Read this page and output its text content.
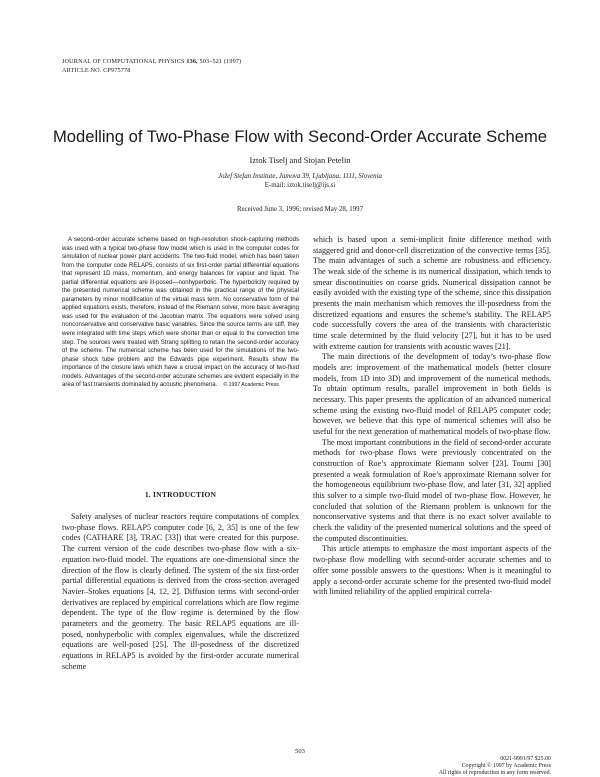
JOURNAL OF COMPUTATIONAL PHYSICS 136, 503–521 (1997)
ARTICLE NO. CP975778
Modelling of Two-Phase Flow with Second-Order Accurate Scheme
Iztok Tiselj and Stojan Petelin
Jožef Stefan Institute, Jamova 39, Ljubljana, 1111, Slovenia
E-mail: iztok.tiselj@ijs.si
Received June 3, 1996; revised May 28, 1997
A second-order accurate scheme based on high-resolution shock-capturing methods was used with a typical two-phase flow model which is used in the computer codes for simulation of nuclear power plant accidents. The two-fluid model, which has been taken from the computer code RELAP5, consists of six first-order partial differential equations that represent 1D mass, momentum, and energy balances for vapour and liquid. The partial differential equations are ill-posed—nonhyperbolic. The hyperbolicity required by the presented numerical scheme was obtained in the practical range of the physical parameters by minor modification of the virtual mass term. No conservative form of the applied equations exists, therefore, instead of the Riemann solver, more basic averaging was used for the evaluation of the Jacobian matrix. The equations were solved using nonconservative and conservative basic variables. Since the source terms are stiff, they were integrated with time steps which were shorter than or equal to the convection time step. The sources were treated with Strang splitting to retain the second-order accuracy of the scheme. The numerical scheme has been used for the simulations of the two-phase shock tube problem and the Edwards pipe experiment. Results show the importance of the closure laws which have a crucial impact on the accuracy of two-fluid models. Advantages of the second-order accurate schemes are evident especially in the area of fast transients dominated by acoustic phenomena. © 1997 Academic Press
1. INTRODUCTION

Safety analyses of nuclear reactors require computations of complex two-phase flows. RELAP5 computer code [6, 2, 35] is one of the few codes (CATHARE [3], TRAC [33]) that were created for this purpose. The current version of the code describes two-phase flow with a six-equation two-fluid model. The equations are one-dimensional since the direction of the flow is clearly defined. The system of the six first-order partial differential equations is derived from the cross-section averaged Navier–Stokes equations [4, 12, 2]. Diffusion terms with second-order derivatives are replaced by empirical correlations which are flow regime dependent. The type of the flow regime is determined by the flow parameters and the geometry. The basic RELAP5 equations are ill-posed, nonhyperbolic with complex eigenvalues, while the discretized equations are well-posed [25]. The ill-posedness of the discretized equations in RELAP5 is avoided by the first-order accurate numerical scheme

which is based upon a semi-implicit finite difference method with staggered grid and donor-cell discretization of the convective terms [35]. The main advantages of such a scheme are robustness and efficiency. The weak side of the scheme is its numerical dissipation, which tends to smear discontinuities on coarse grids. Numerical dissipation cannot be easily avoided with the existing type of the scheme, since this dissipation presents the main mechanism which removes the ill-posedness from the discretized equations and ensures the scheme’s stability. The RELAP5 code successfully covers the area of the transients with characteristic time scale determined by the fluid velocity [27], but it has to be used with extreme caution for transients with acoustic waves [21].

The main directions of the development of today’s two-phase flow models are: improvement of the mathematical models (better closure models, from 1D into 3D) and improvement of the numerical methods. To obtain optimum results, parallel improvement in both fields is necessary. This paper presents the application of an advanced numerical scheme using the existing two-fluid model of RELAP5 computer code; however, we believe that this type of numerical schemes will also be useful for the next generation of mathematical models of two-phase flow.

The most important contributions in the field of second-order accurate methods for two-phase flows were previously concentrated on the construction of Roe’s approximate Riemann solver [23]. Toumi [30] presented a weak formulation of Roe’s approximate Riemann solver for the homogeneous equilibrium two-phase flow, and later [31, 32] applied this solver to a simple two-fluid model of two-phase flow. However, he concluded that solution of the Riemann problem is unknown for the nonconservative systems and that there is no exact solver available to check the validity of the presented numerical solutions and the speed of the computed discontinuities.

This article attempts to emphasize the most important aspects of the two-phase flow modelling with second-order accurate schemes and to offer some possible answers to the questions: When is it meaningful to apply a second-order accurate scheme for the presented two-fluid model with limited reliability of the applied empirical correla-

503
0021-9991/97 $25.00
Copyright © 1997 by Academic Press
All rights of reproduction in any form reserved.
